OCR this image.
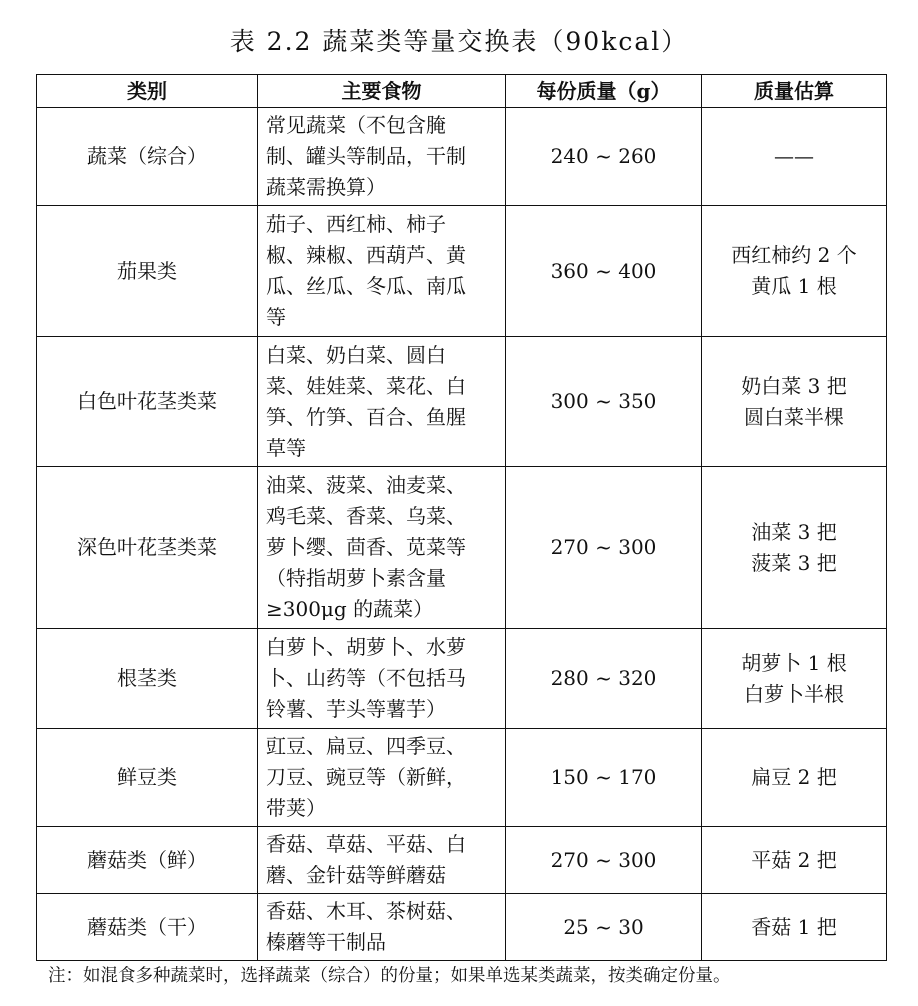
表 2.2 蔬菜类等量交换表（90kcal）
类别	主要食物	每份质量（g）	质量估算
蔬菜（综合）	常见蔬菜（不包含腌
制、罐头等制品，干制
蔬菜需换算）	240 ~ 260	——

茄果类	茄子、西红柿、柿子
椒、辣椒、西葫芦、黄
瓜、丝瓜、冬瓜、南瓜
等	360 ~ 400	西红柿约 2 个
黄瓜 1 根

白色叶花茎类菜	白菜、奶白菜、圆白
菜、娃娃菜、菜花、白
笋、竹笋、百合、鱼腥
草等	300 ~ 350	奶白菜 3 把
圆白菜半棵

深色叶花茎类菜	油菜、菠菜、油麦菜、
鸡毛菜、香菜、乌菜、
萝卜缨、茴香、苋菜等
（特指胡萝卜素含量
≥300μg 的蔬菜）	270 ~ 300	油菜 3 把
菠菜 3 把

根茎类	白萝卜、胡萝卜、水萝
卜、山药等（不包括马
铃薯、芋头等薯芋）	280 ~ 320	胡萝卜 1 根
白萝卜半根

鲜豆类	豇豆、扁豆、四季豆、
刀豆、豌豆等（新鲜，
带荚）	150 ~ 170	扁豆 2 把

蘑菇类（鲜）	香菇、草菇、平菇、白
蘑、金针菇等鲜蘑菇	270 ~ 300	平菇 2 把

蘑菇类（干）	香菇、木耳、茶树菇、
榛蘑等干制品	25 ~ 30	香菇 1 把
注：如混食多种蔬菜时，选择蔬菜（综合）的份量；如果单选某类蔬菜，按类确定份量。
